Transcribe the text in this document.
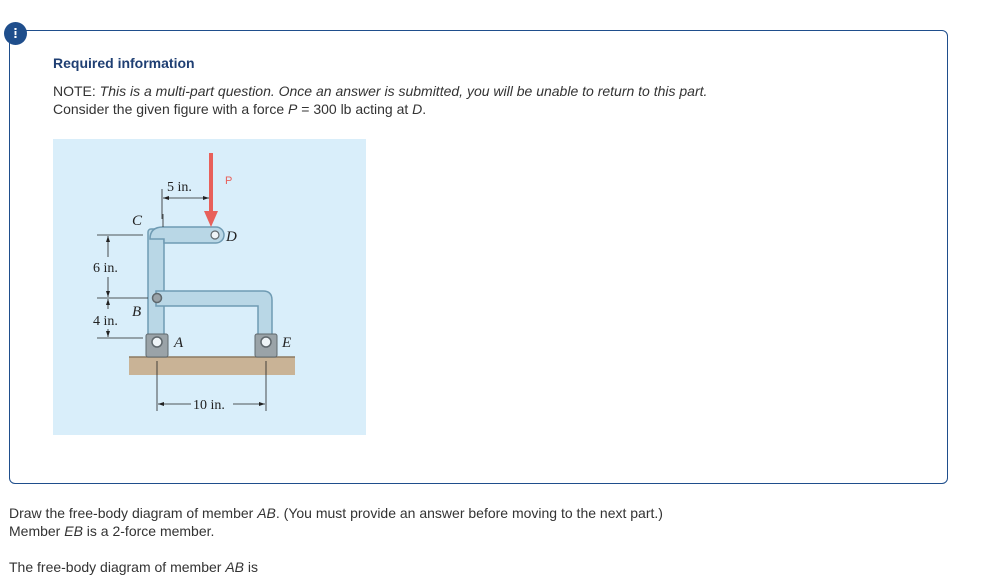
!
Required information
NOTE: This is a multi-part question. Once an answer is submitted, you will be unable to return to this part.
Consider the given figure with a force P = 300 lb acting at D.
5 in.	P
C
D
6 in.
4 in.
B
A	E
10 in.
Draw the free-body diagram of member AB. (You must provide an answer before moving to the next part.)
Member EB is a 2-force member.
The free-body diagram of member AB is
